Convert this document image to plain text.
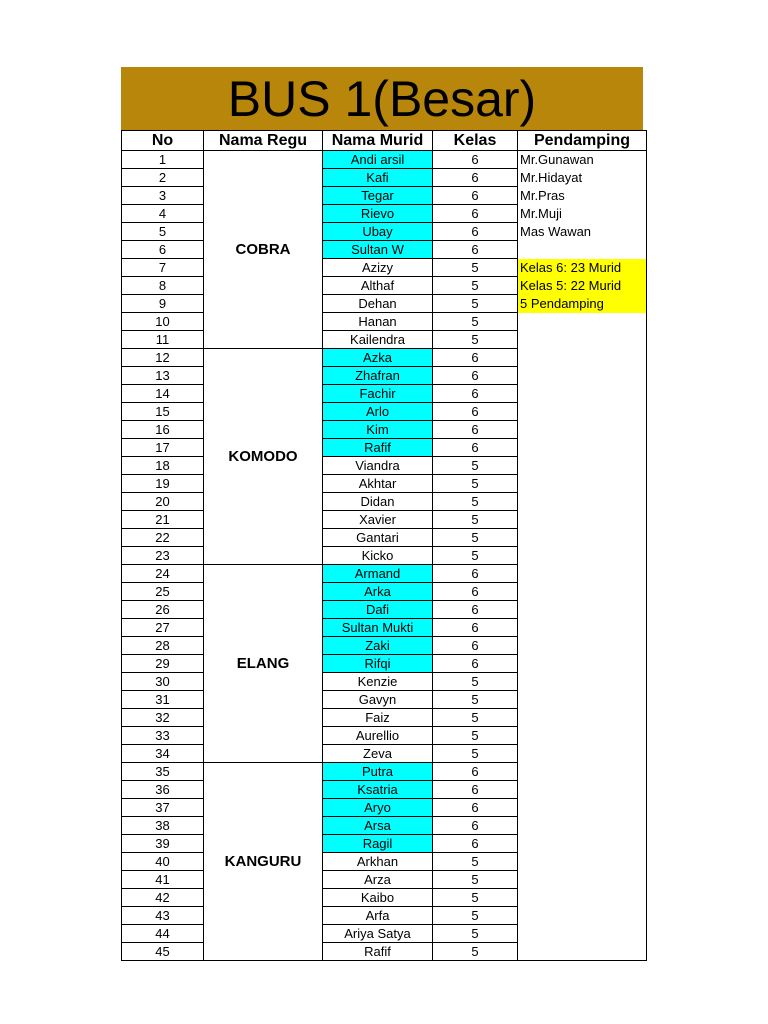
BUS 1(Besar)
No	Nama Regu	Nama Murid	Kelas	Pendamping
1	COBRA	Andi arsil	6	Mr.Gunawan
2		Kafi	6	Mr.Hidayat
3		Tegar	6	Mr.Pras
4		Rievo	6	Mr.Muji
5		Ubay	6	Mas Wawan
6		Sultan W	6	
7		Azizy	5	Kelas 6: 23 Murid
8		Althaf	5	Kelas 5: 22 Murid
9		Dehan	5	5 Pendamping
10		Hanan	5	
11		Kailendra	5	
12	KOMODO	Azka	6	
13		Zhafran	6	
14		Fachir	6	
15		Arlo	6	
16		Kim	6	
17		Rafif	6	
18		Viandra	5	
19		Akhtar	5	
20		Didan	5	
21		Xavier	5	
22		Gantari	5	
23		Kicko	5	
24	ELANG	Armand	6	
25		Arka	6	
26		Dafi	6	
27		Sultan Mukti	6	
28		Zaki	6	
29		Rifqi	6	
30		Kenzie	5	
31		Gavyn	5	
32		Faiz	5	
33		Aurellio	5	
34		Zeva	5	
35	KANGURU	Putra	6	
36		Ksatria	6	
37		Aryo	6	
38		Arsa	6	
39		Ragil	6	
40		Arkhan	5	
41		Arza	5	
42		Kaibo	5	
43		Arfa	5	
44		Ariya Satya	5	
45		Rafif	5	
